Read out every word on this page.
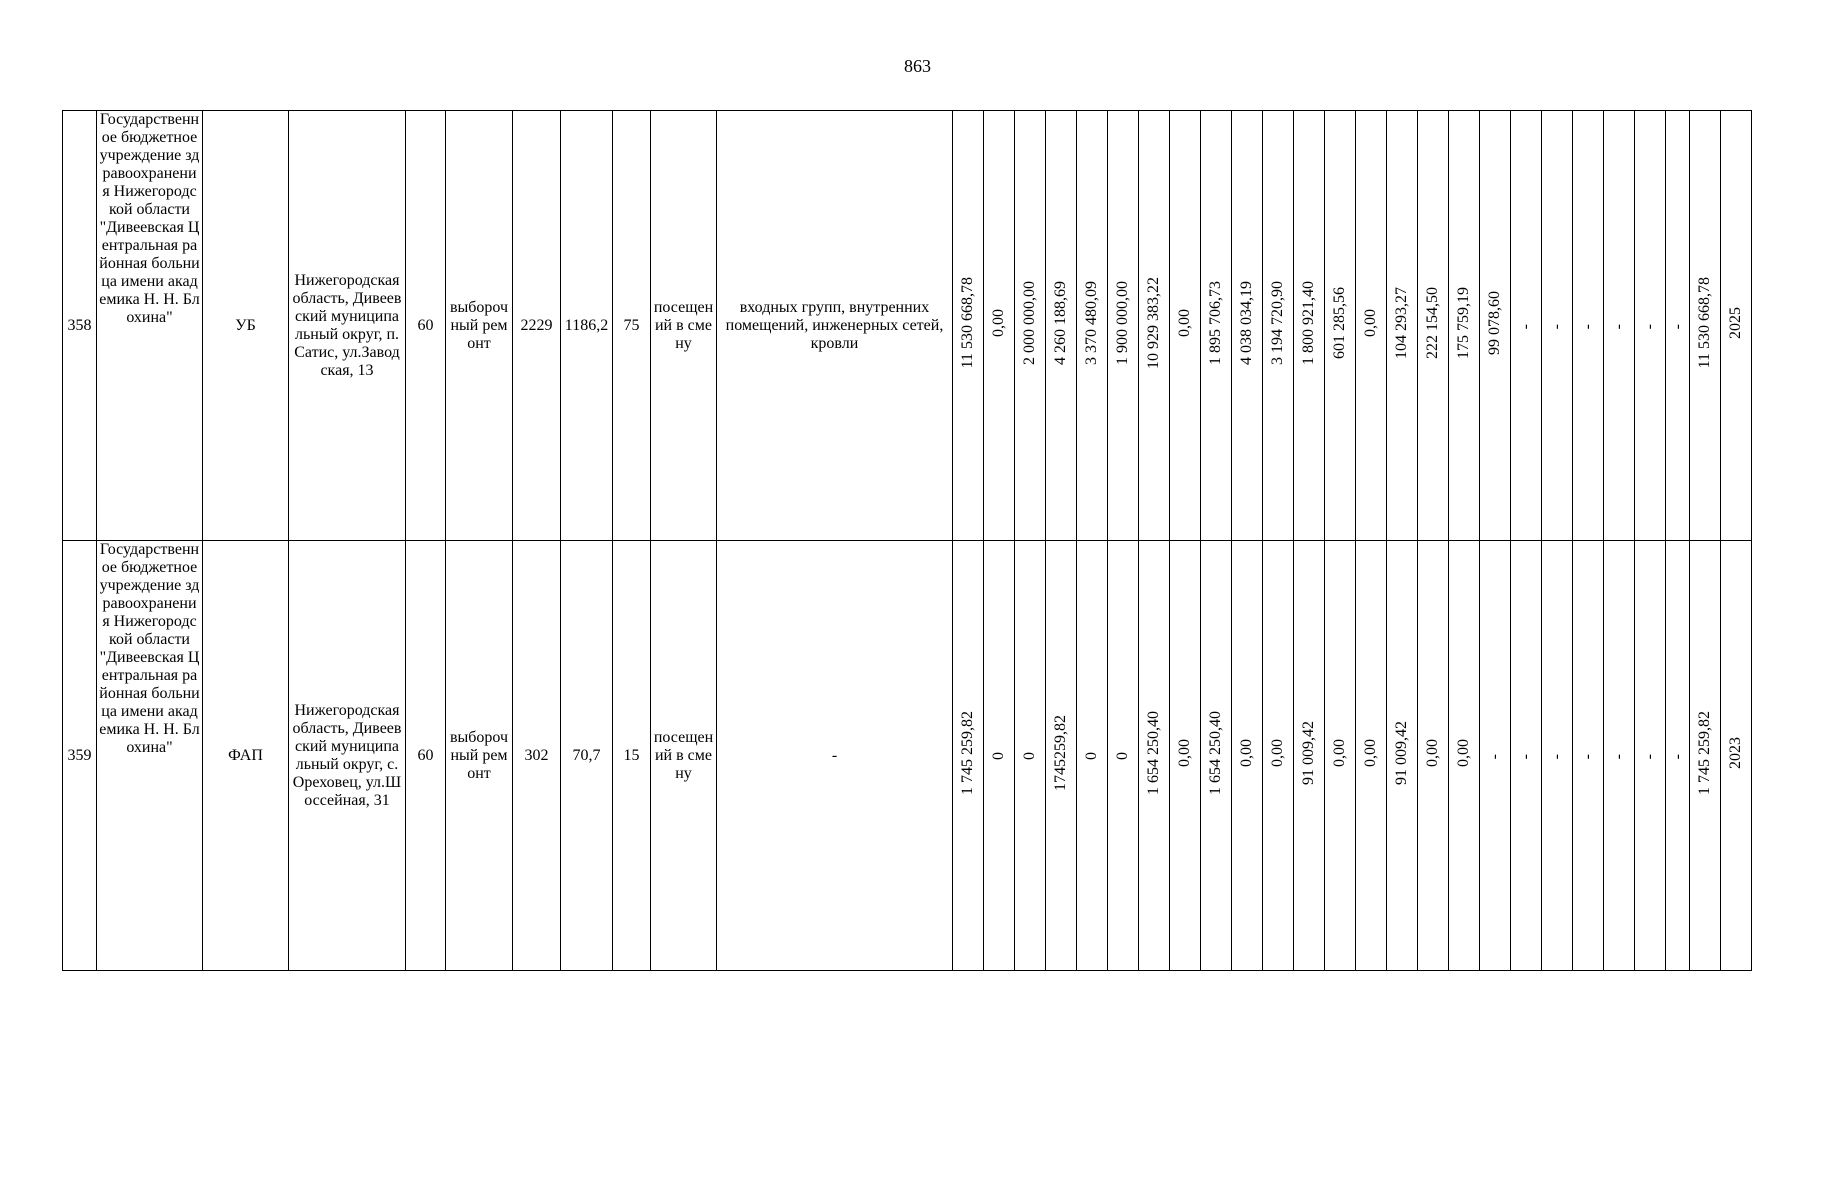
863
358	Государственное бюджетное учреждение здравоохранения Нижегородской области "Дивеевская Центральная районная больница имени академика Н. Н. Блохина"	УБ	Нижегородская область, Дивеевский муниципальный округ, п. Сатис, ул.Заводская, 13	60	выборочный ремонт	2229	1186,2	75	посещений в смену	входных групп, внутренних помещений, инженерных сетей, кровли	11 530 668,78	0,00	2 000 000,00	4 260 188,69	3 370 480,09	1 900 000,00	10 929 383,22	0,00	1 895 706,73	4 038 034,19	3 194 720,90	1 800 921,40	601 285,56	0,00	104 293,27	222 154,50	175 759,19	99 078,60	-	-	-	-	-	-	11 530 668,78	2025

359	Государственное бюджетное учреждение здравоохранения Нижегородской области "Дивеевская Центральная районная больница имени академика Н. Н. Блохина"	ФАП	Нижегородская область, Дивеевский муниципальный округ, с. Ореховец, ул.Шоссейная, 31	60	выборочный ремонт	302	70,7	15	посещений в смену	-	1 745 259,82	0	0	1745259,82	0	0	1 654 250,40	0,00	1 654 250,40	0,00	0,00	91 009,42	0,00	0,00	91 009,42	0,00	0,00	-	-	-	-	-	-	-	1 745 259,82	2023
